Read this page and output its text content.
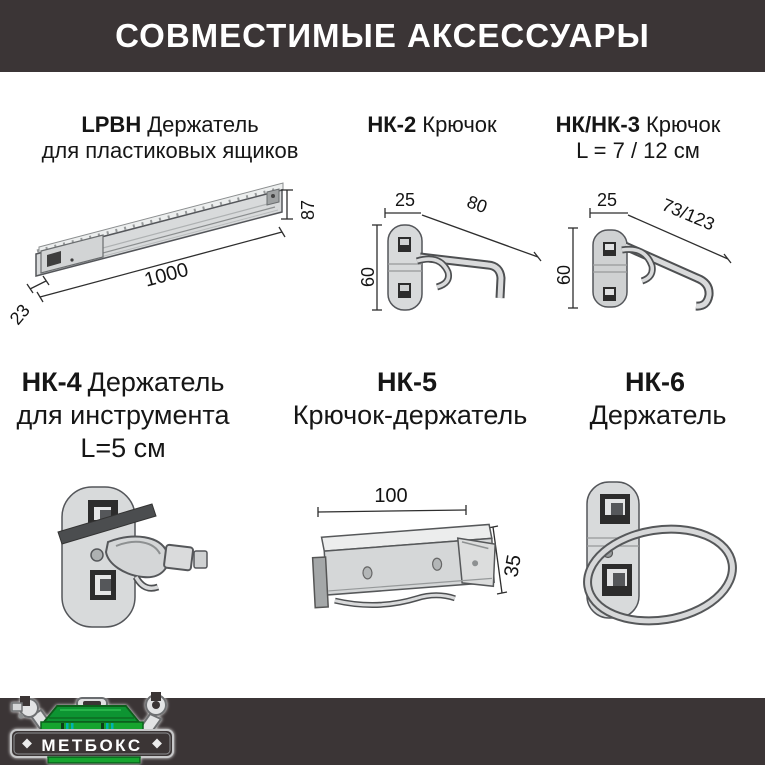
СОВМЕСТИМЫЕ АКСЕССУАРЫ
LPBH Держатель
для пластиковых ящиков
НК-2 Крючок	НК/НК-3 Крючок
L = 7 / 12 см
НК-4 Держатель
для инструмента
L=5 см
НК-5
Крючок-держатель
НК-6
Держатель
87
1000
23
25	80
60
25 73/123
60
100
35
МЕТБОКС
